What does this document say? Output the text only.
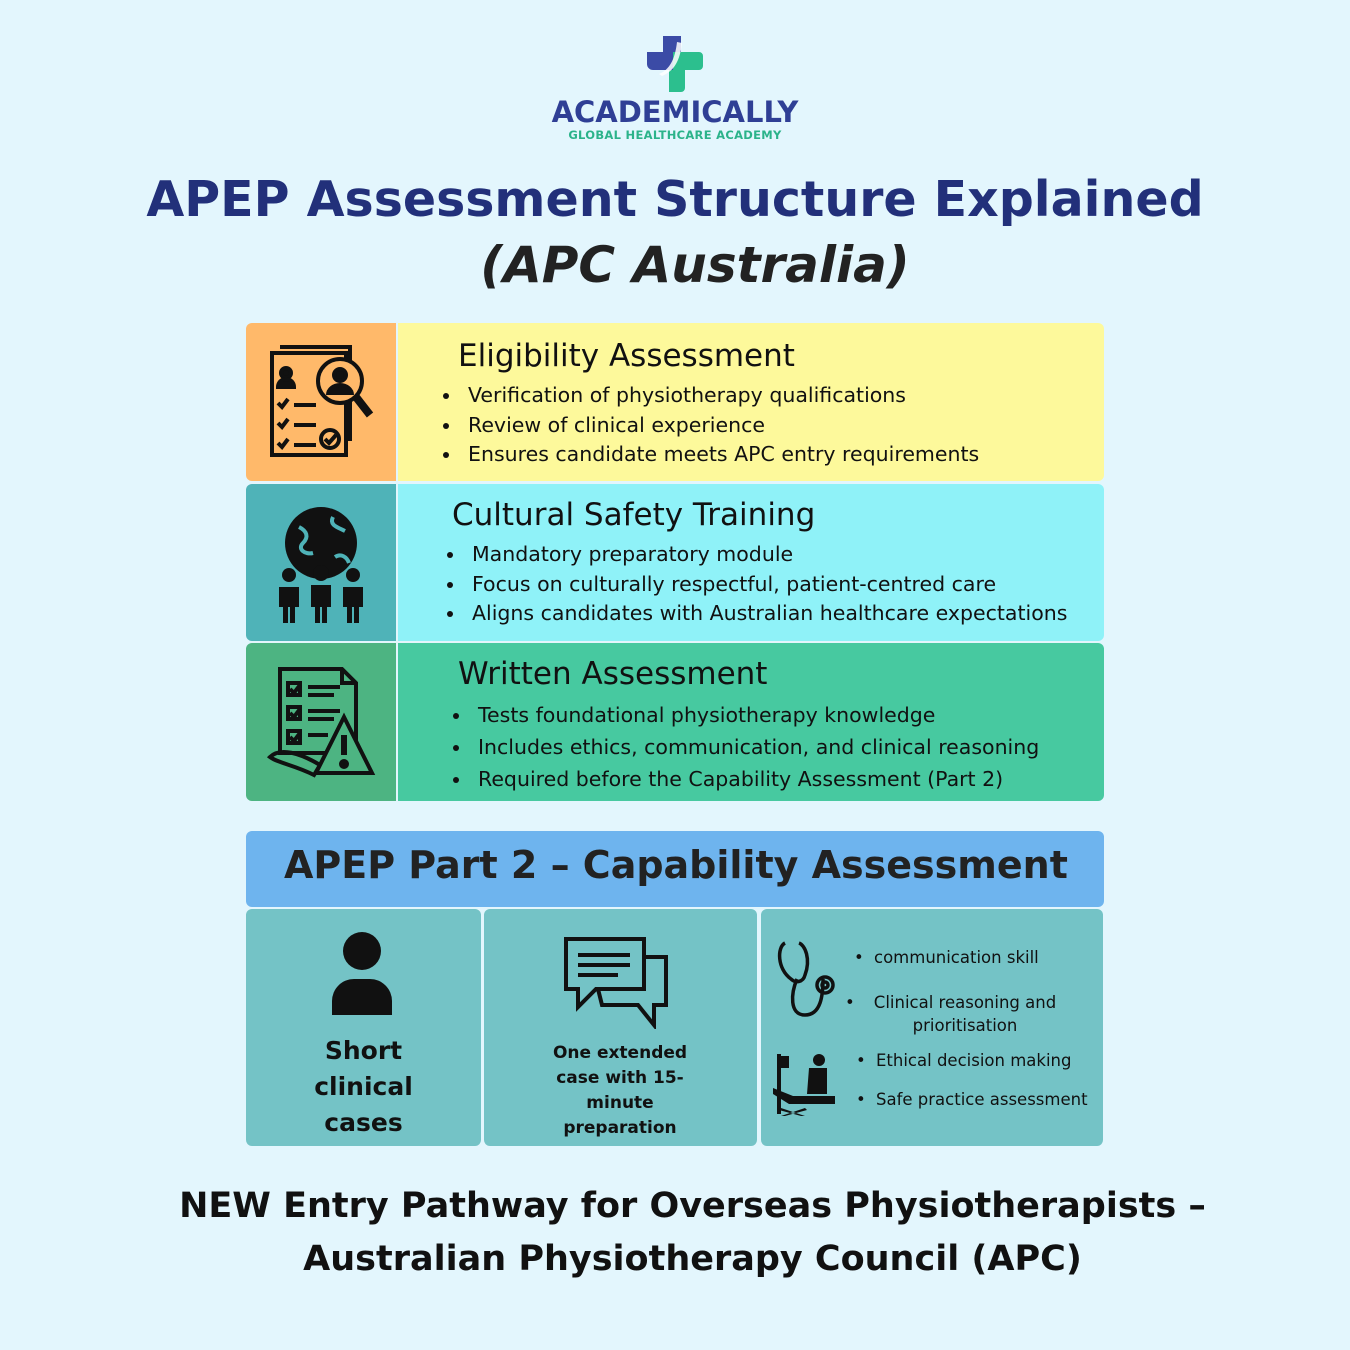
ACADEMICALLY
GLOBAL HEALTHCARE ACADEMY
APEP Assessment Structure Explained
(APC Australia)
Eligibility Assessment
• Verification of physiotherapy qualifications
• Review of clinical experience
• Ensures candidate meets APC entry requirements
Cultural Safety Training
• Mandatory preparatory module
• Focus on culturally respectful, patient-centred care
• Aligns candidates with Australian healthcare expectations
Written Assessment
• Tests foundational physiotherapy knowledge
• Includes ethics, communication, and clinical reasoning
• Required before the Capability Assessment (Part 2)
APEP Part 2 – Capability Assessment
Short clinical cases
One extended case with 15-minute preparation
• communication skill
• Clinical reasoning and prioritisation
• Ethical decision making
• Safe practice assessment
NEW Entry Pathway for Overseas Physiotherapists –
Australian Physiotherapy Council (APC)
